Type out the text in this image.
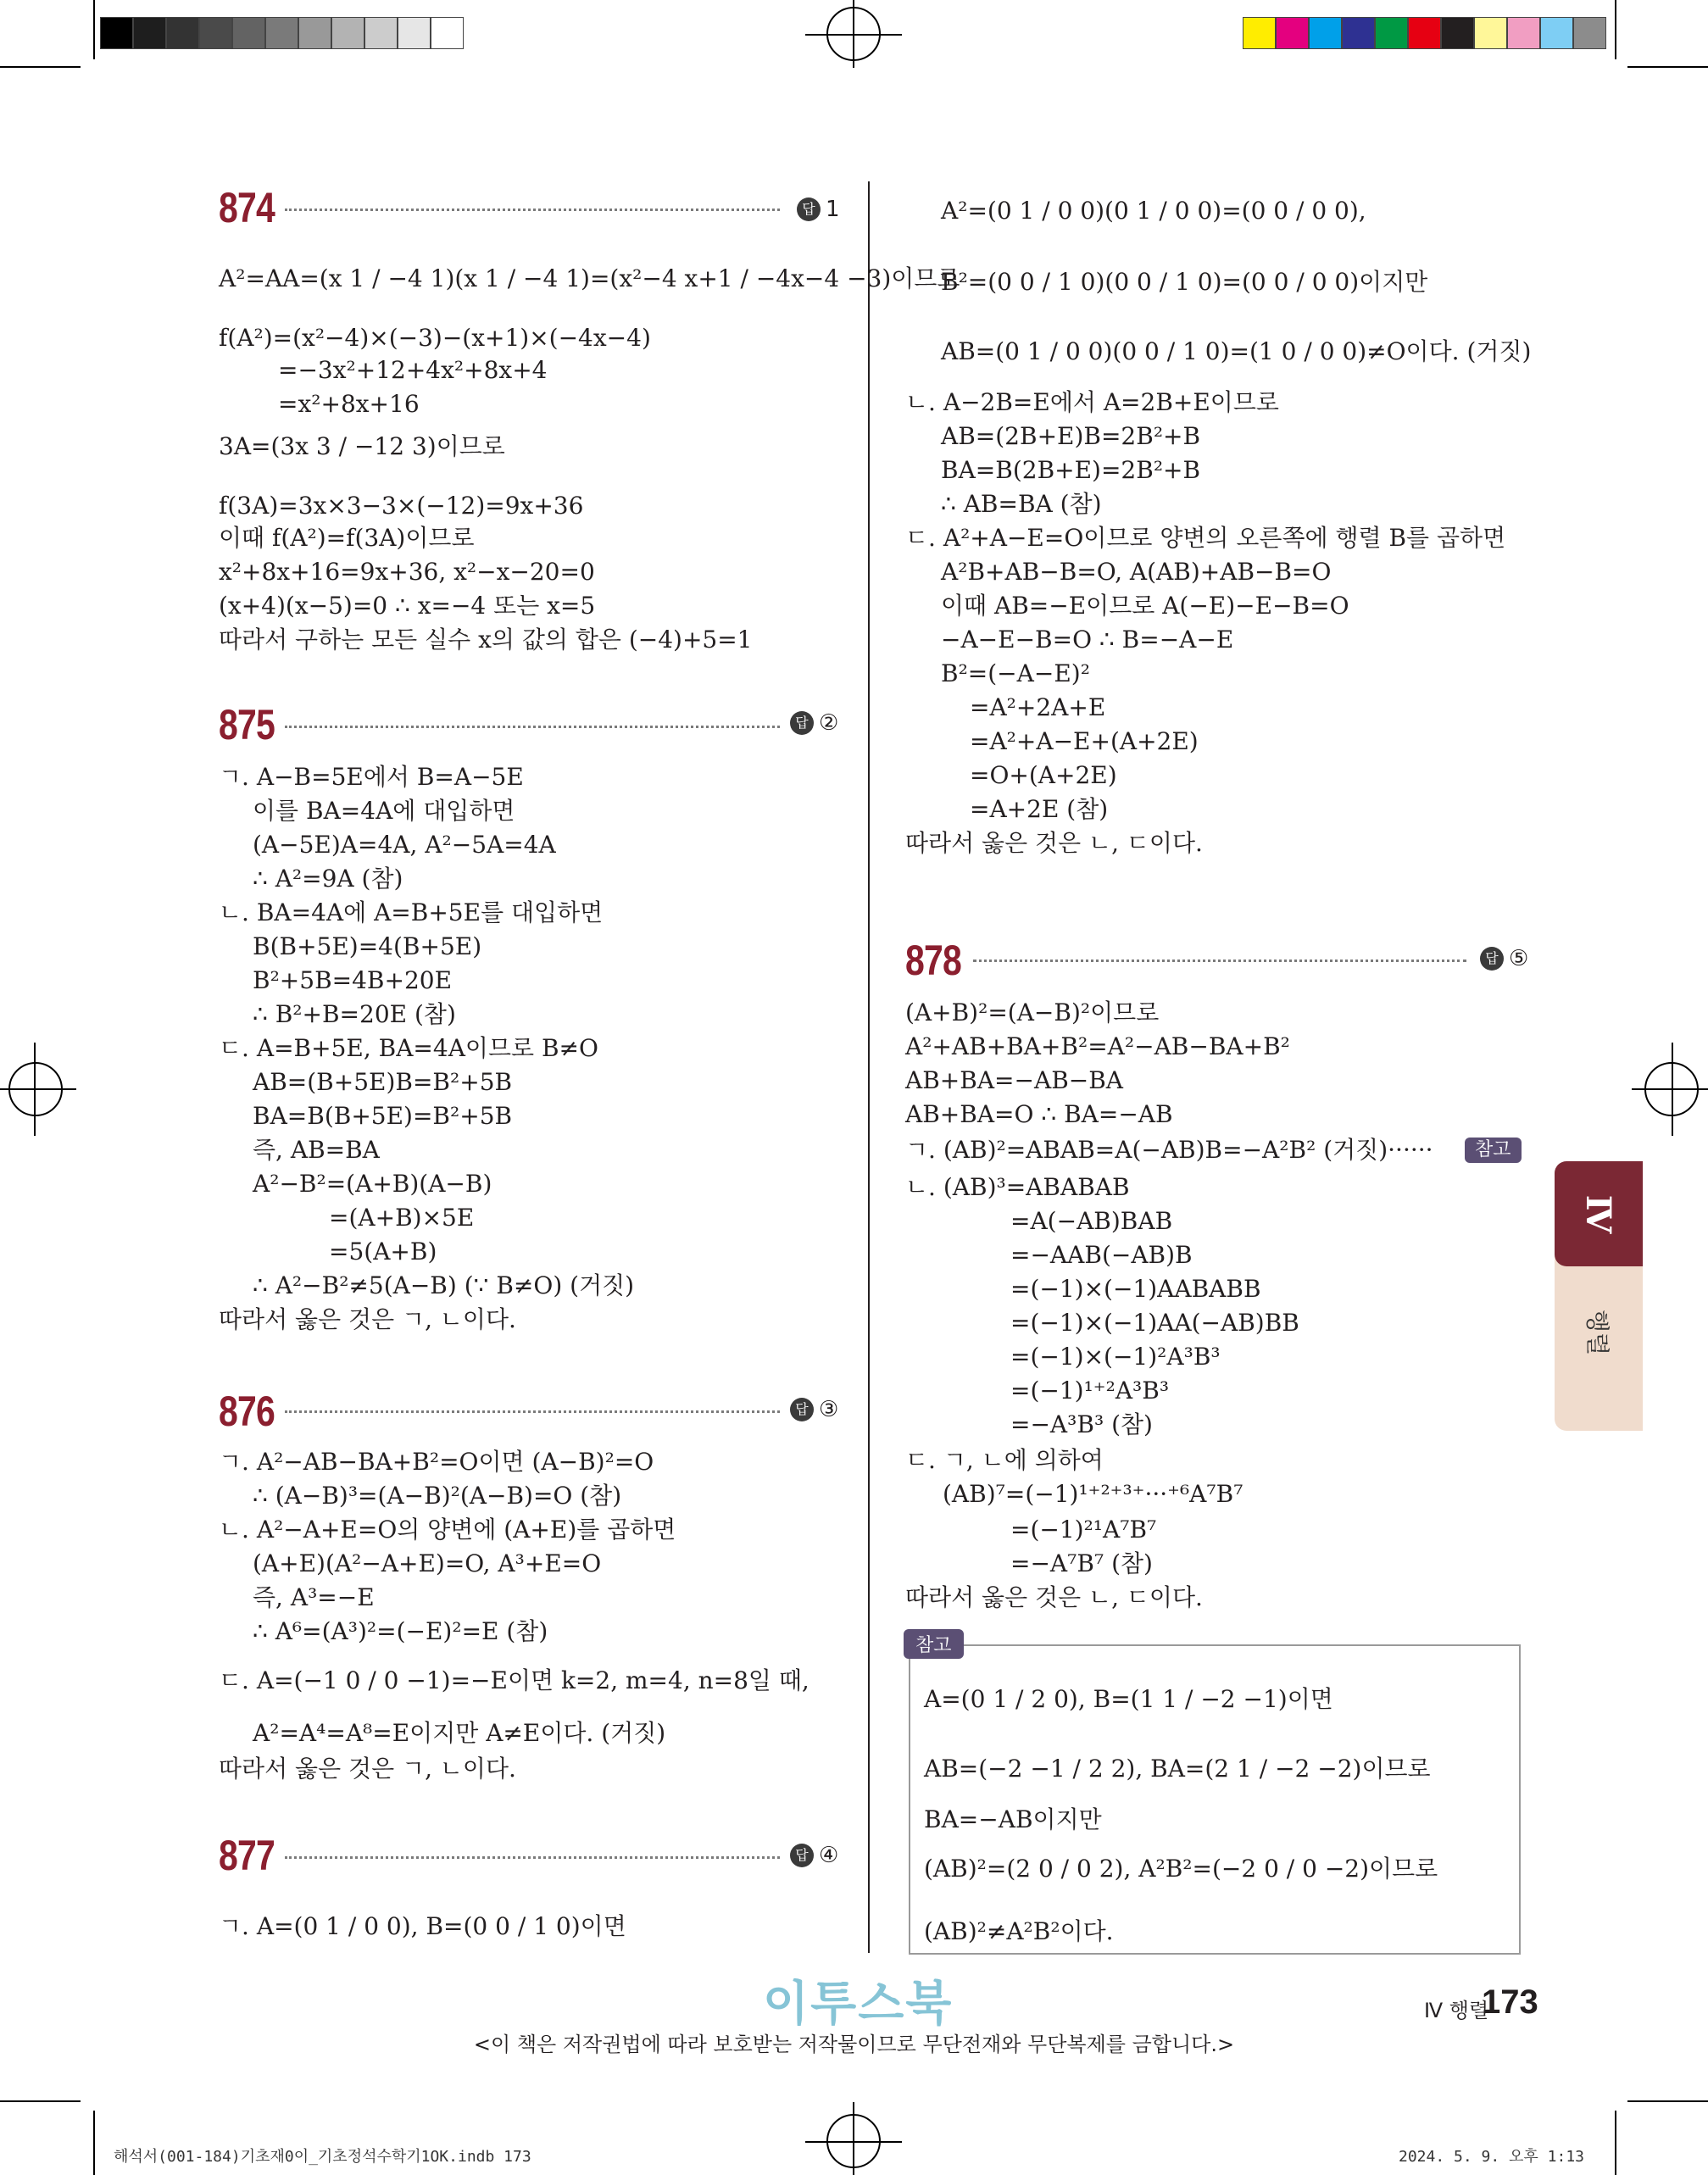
874	답 1
A²=AA=(x 1 / −4 1)(x 1 / −4 1)=(x²−4 x+1 / −4x−4 −3)이므로
f(A²)=(x²−4)×(−3)−(x+1)×(−4x−4)
=−3x²+12+4x²+8x+4
=x²+8x+16
3A=(3x 3 / −12 3)이므로
f(3A)=3x×3−3×(−12)=9x+36
이때 f(A²)=f(3A)이므로
x²+8x+16=9x+36, x²−x−20=0
(x+4)(x−5)=0 ∴ x=−4 또는 x=5
따라서 구하는 모든 실수 x의 값의 합은 (−4)+5=1
875	답 ②
ㄱ. A−B=5E에서 B=A−5E
이를 BA=4A에 대입하면
(A−5E)A=4A, A²−5A=4A
∴ A²=9A (참)
ㄴ. BA=4A에 A=B+5E를 대입하면
B(B+5E)=4(B+5E)
B²+5B=4B+20E
∴ B²+B=20E (참)
ㄷ. A=B+5E, BA=4A이므로 B≠O
AB=(B+5E)B=B²+5B
BA=B(B+5E)=B²+5B
즉, AB=BA
A²−B²=(A+B)(A−B)
=(A+B)×5E
=5(A+B)
∴ A²−B²≠5(A−B) (∵ B≠O) (거짓)
따라서 옳은 것은 ㄱ, ㄴ이다.
876	답 ③
ㄱ. A²−AB−BA+B²=O이면 (A−B)²=O
∴ (A−B)³=(A−B)²(A−B)=O (참)
ㄴ. A²−A+E=O의 양변에 (A+E)를 곱하면
(A+E)(A²−A+E)=O, A³+E=O
즉, A³=−E
∴ A⁶=(A³)²=(−E)²=E (참)
ㄷ. A=(−1 0 / 0 −1)=−E이면 k=2, m=4, n=8일 때,
A²=A⁴=A⁸=E이지만 A≠E이다. (거짓)
따라서 옳은 것은 ㄱ, ㄴ이다.
877	답 ④
ㄱ. A=(0 1 / 0 0), B=(0 0 / 1 0)이면
A²=(0 1 / 0 0)(0 1 / 0 0)=(0 0 / 0 0),
B²=(0 0 / 1 0)(0 0 / 1 0)=(0 0 / 0 0)이지만
AB=(0 1 / 0 0)(0 0 / 1 0)=(1 0 / 0 0)≠O이다. (거짓)
ㄴ. A−2B=E에서 A=2B+E이므로
AB=(2B+E)B=2B²+B
BA=B(2B+E)=2B²+B
∴ AB=BA (참)
ㄷ. A²+A−E=O이므로 양변의 오른쪽에 행렬 B를 곱하면
A²B+AB−B=O, A(AB)+AB−B=O
이때 AB=−E이므로 A(−E)−E−B=O
−A−E−B=O ∴ B=−A−E
B²=(−A−E)²
=A²+2A+E
=A²+A−E+(A+2E)
=O+(A+2E)
=A+2E (참)
따라서 옳은 것은 ㄴ, ㄷ이다.
878	답 ⑤
(A+B)²=(A−B)²이므로
A²+AB+BA+B²=A²−AB−BA+B²
AB+BA=−AB−BA
AB+BA=O ∴ BA=−AB
ㄱ. (AB)²=ABAB=A(−AB)B=−A²B² (거짓)······
ㄴ. (AB)³=ABABAB
=A(−AB)BAB
=−AAB(−AB)B
=(−1)×(−1)AABABB
=(−1)×(−1)AA(−AB)BB
=(−1)×(−1)²A³B³
=(−1)¹⁺²A³B³
=−A³B³ (참)
ㄷ. ㄱ, ㄴ에 의하여
(AB)⁷=(−1)¹⁺²⁺³⁺···⁺⁶A⁷B⁷
=(−1)²¹A⁷B⁷
=−A⁷B⁷ (참)
따라서 옳은 것은 ㄴ, ㄷ이다.
참고
참고
A=(0 1 / 2 0), B=(1 1 / −2 −1)이면
AB=(−2 −1 / 2 2), BA=(2 1 / −2 −2)이므로
BA=−AB이지만
(AB)²=(2 0 / 0 2), A²B²=(−2 0 / 0 −2)이므로
(AB)²≠A²B²이다.
행렬
Ⅳ
이투스북	Ⅳ 행렬
173
<이 책은 저작권법에 따라 보호받는 저작물이므로 무단전재와 무단복제를 금합니다.>
해석서(001-184)기초재0이_기초정석수학기1OK.indb 173	2024. 5. 9. 오후 1:13
